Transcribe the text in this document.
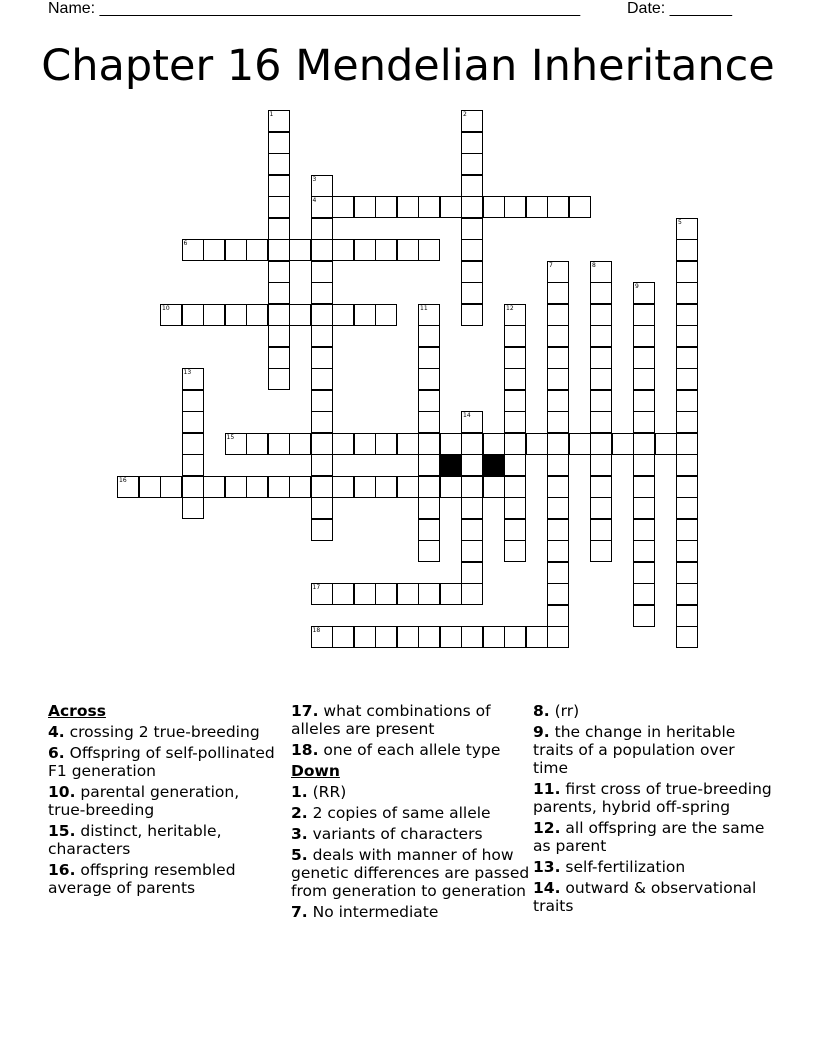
Name: ______________________________________________________	Date: _______
Chapter 16 Mendelian Inheritance
1	2
3
4
5
6
7	8
9
10	11	12
13
14
15
16
17
18
Across
4. crossing 2 true-breeding
6. Offspring of self-pollinated F1 generation
10. parental generation, true-breeding
15. distinct, heritable, characters
16. offspring resembled average of parents
17. what combinations of alleles are present
18. one of each allele type
Down
1. (RR)
2. 2 copies of same allele
3. variants of characters
5. deals with manner of how genetic differences are passed from generation to generation
7. No intermediate
8. (rr)
9. the change in heritable traits of a population over time
11. first cross of true-breeding parents, hybrid off-spring
12. all offspring are the same as parent
13. self-fertilization
14. outward & observational traits
